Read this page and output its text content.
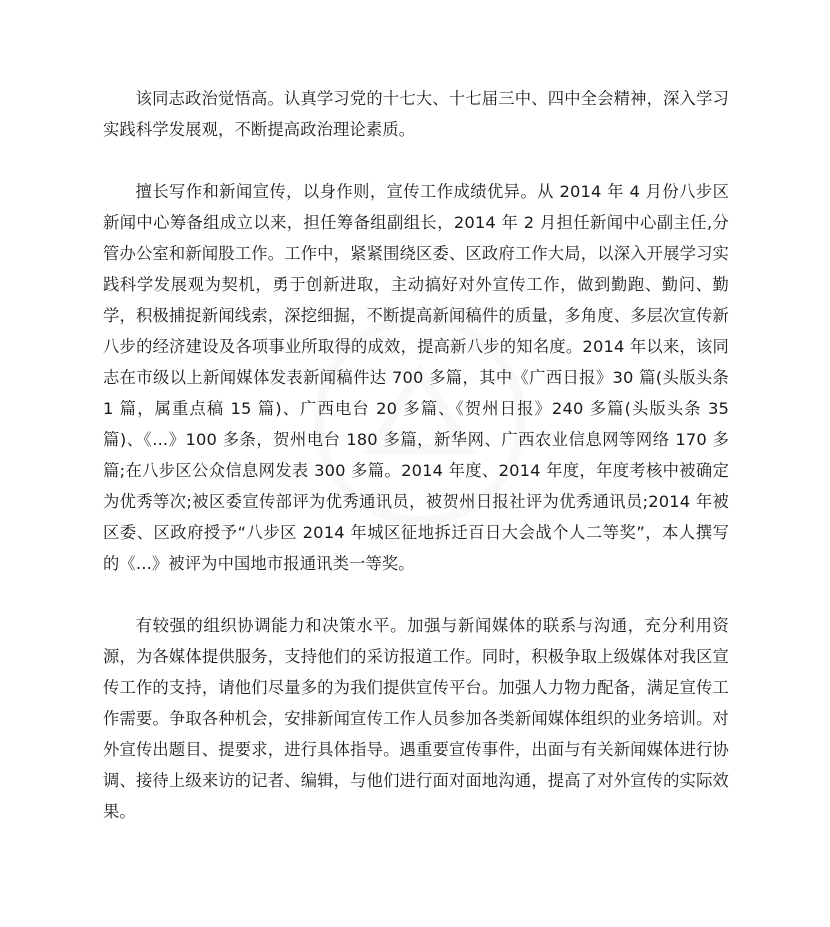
该同志政治觉悟高。认真学习党的十七大、十七届三中、四中全会精神，深入学习实践科学发展观，不断提高政治理论素质。

擅长写作和新闻宣传，以身作则，宣传工作成绩优异。从 2014 年 4 月份八步区新闻中心筹备组成立以来，担任筹备组副组长，2014 年 2 月担任新闻中心副主任,分管办公室和新闻股工作。工作中，紧紧围绕区委、区政府工作大局，以深入开展学习实践科学发展观为契机，勇于创新进取，主动搞好对外宣传工作，做到勤跑、勤问、勤学，积极捕捉新闻线索，深挖细掘，不断提高新闻稿件的质量，多角度、多层次宣传新八步的经济建设及各项事业所取得的成效，提高新八步的知名度。2014 年以来，该同志在市级以上新闻媒体发表新闻稿件达 700 多篇，其中《广西日报》30 篇(头版头条 1 篇，属重点稿 15 篇)、广西电台 20 多篇、《贺州日报》240 多篇(头版头条 35 篇)、《...》100 多条，贺州电台 180 多篇，新华网、广西农业信息网等网络 170 多篇;在八步区公众信息网发表 300 多篇。2014 年度、2014 年度，年度考核中被确定为优秀等次;被区委宣传部评为优秀通讯员，被贺州日报社评为优秀通讯员;2014 年被区委、区政府授予“八步区 2014 年城区征地拆迁百日大会战个人二等奖”，本人撰写的《...》被评为中国地市报通讯类一等奖。

有较强的组织协调能力和决策水平。加强与新闻媒体的联系与沟通，充分利用资源，为各媒体提供服务，支持他们的采访报道工作。同时，积极争取上级媒体对我区宣传工作的支持，请他们尽量多的为我们提供宣传平台。加强人力物力配备，满足宣传工作需要。争取各种机会，安排新闻宣传工作人员参加各类新闻媒体组织的业务培训。对外宣传出题目、提要求，进行具体指导。遇重要宣传事件，出面与有关新闻媒体进行协调、接待上级来访的记者、编辑，与他们进行面对面地沟通，提高了对外宣传的实际效果。
